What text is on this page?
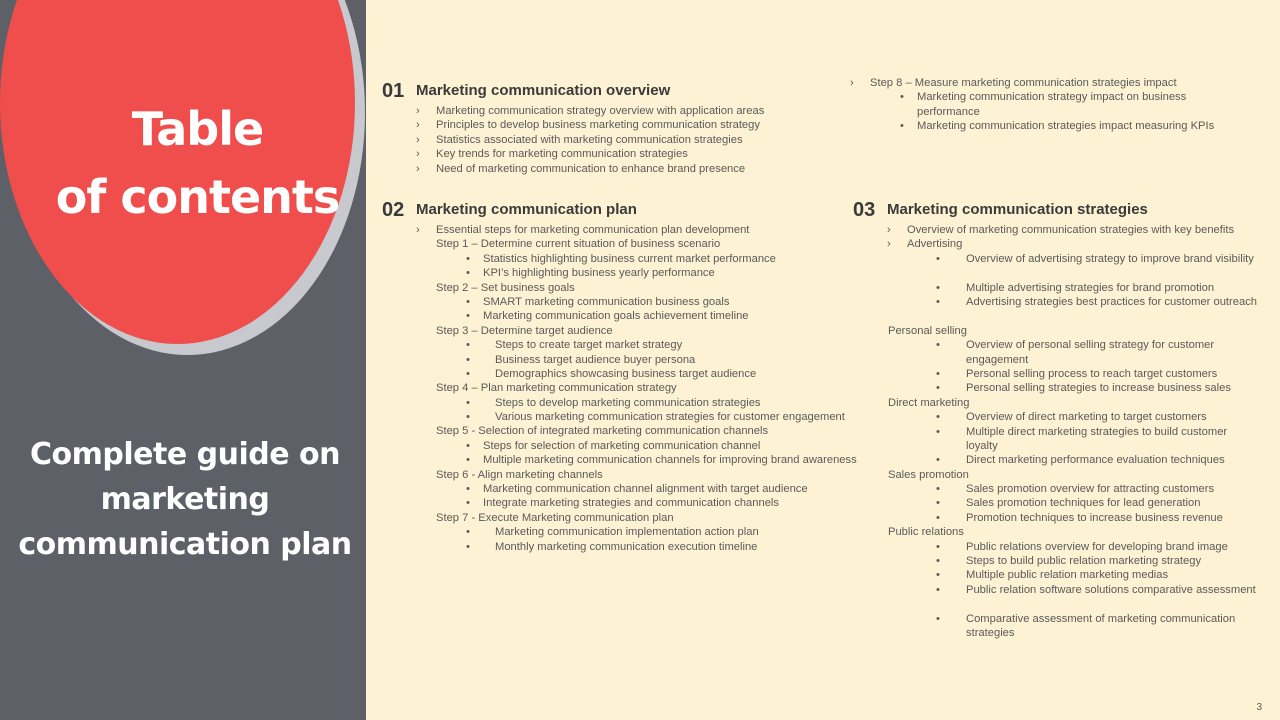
Table
of contents
Complete guide on
marketing
communication plan
01 Marketing communication overview
› Marketing communication strategy overview with application areas
› Principles to develop business marketing communication strategy
› Statistics associated with marketing communication strategies
› Key trends for marketing communication strategies
› Need of marketing communication to enhance brand presence
› Step 8 – Measure marketing communication strategies impact
• Marketing communication strategy impact on business performance
• Marketing communication strategies impact measuring KPIs
02 Marketing communication plan
› Essential steps for marketing communication plan development
Step 1 – Determine current situation of business scenario
• Statistics highlighting business current market performance
• KPI’s highlighting business yearly performance
Step 2 – Set business goals
• SMART marketing communication business goals
• Marketing communication goals achievement timeline
Step 3 – Determine target audience
• Steps to create target market strategy
• Business target audience buyer persona
• Demographics showcasing business target audience
Step 4 – Plan marketing communication strategy
• Steps to develop marketing communication strategies
• Various marketing communication strategies for customer engagement
Step 5 - Selection of integrated marketing communication channels
• Steps for selection of marketing communication channel
• Multiple marketing communication channels for improving brand awareness
Step 6 - Align marketing channels
• Marketing communication channel alignment with target audience
• Integrate marketing strategies and communication channels
Step 7 - Execute Marketing communication plan
• Marketing communication implementation action plan
• Monthly marketing communication execution timeline
03 Marketing communication strategies
› Overview of marketing communication strategies with key benefits
› Advertising
• Overview of advertising strategy to improve brand visibility
• Multiple advertising strategies for brand promotion
• Advertising strategies best practices for customer outreach
Personal selling
• Overview of personal selling strategy for customer engagement
• Personal selling process to reach target customers
• Personal selling strategies to increase business sales
Direct marketing
• Overview of direct marketing to target customers
• Multiple direct marketing strategies to build customer loyalty
• Direct marketing performance evaluation techniques
Sales promotion
• Sales promotion overview for attracting customers
• Sales promotion techniques for lead generation
• Promotion techniques to increase business revenue
Public relations
• Public relations overview for developing brand image
• Steps to build public relation marketing strategy
• Multiple public relation marketing medias
• Public relation software solutions comparative assessment
• Comparative assessment of marketing communication strategies
3
